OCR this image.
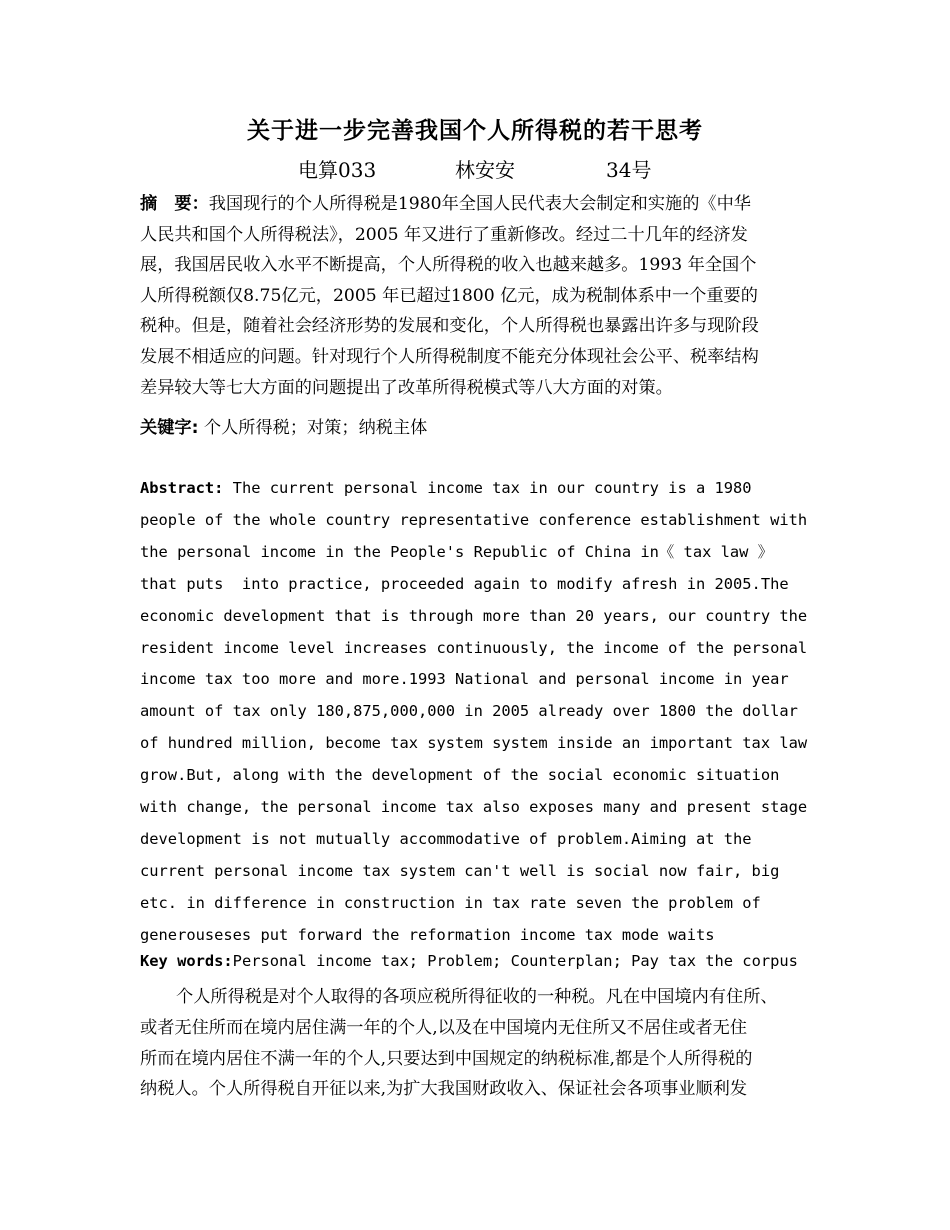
关于进一步完善我国个人所得税的若干思考
电算033	林安安	34号
摘　要：我国现行的个人所得税是1980年全国人民代表大会制定和实施的《中华
人民共和国个人所得税法》，2005 年又进行了重新修改。经过二十几年的经济发
展，我国居民收入水平不断提高，个人所得税的收入也越来越多。1993 年全国个
人所得税额仅8.75亿元，2005 年已超过1800 亿元，成为税制体系中一个重要的
税种。但是，随着社会经济形势的发展和变化，个人所得税也暴露出许多与现阶段
发展不相适应的问题。针对现行个人所得税制度不能充分体现社会公平、税率结构
差异较大等七大方面的问题提出了改革所得税模式等八大方面的对策。
关键字: 个人所得税；对策；纳税主体
Abstract: The current personal income tax in our country is a 1980
people of the whole country representative conference establishment with
the personal income in the People's Republic of China in《 tax law 》
that puts  into practice, proceeded again to modify afresh in 2005.The
economic development that is through more than 20 years, our country the
resident income level increases continuously, the income of the personal
income tax too more and more.1993 National and personal income in year
amount of tax only 180,875,000,000 in 2005 already over 1800 the dollar
of hundred million, become tax system system inside an important tax law
grow.But, along with the development of the social economic situation
with change, the personal income tax also exposes many and present stage
development is not mutually accommodative of problem.Aiming at the
current personal income tax system can't well is social now fair, big
etc. in difference in construction in tax rate seven the problem of
generouseses put forward the reformation income tax mode waits
Key words:Personal income tax; Problem; Counterplan; Pay tax the corpus
个人所得税是对个人取得的各项应税所得征收的一种税。凡在中国境内有住所、
或者无住所而在境内居住满一年的个人,以及在中国境内无住所又不居住或者无住
所而在境内居住不满一年的个人,只要达到中国规定的纳税标准,都是个人所得税的
纳税人。个人所得税自开征以来,为扩大我国财政收入、保证社会各项事业顺利发
